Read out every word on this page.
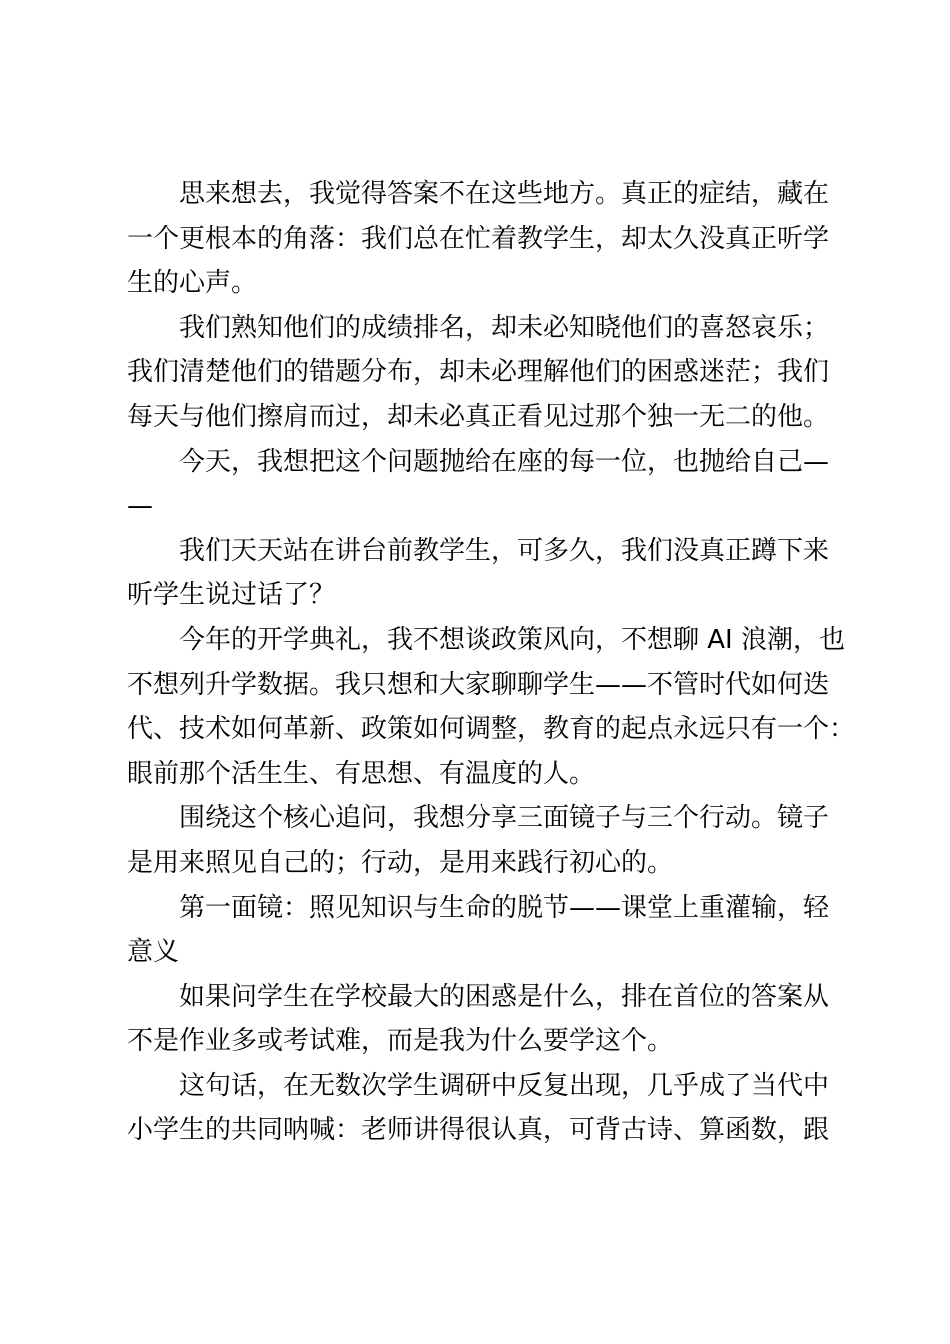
思来想去，我觉得答案不在这些地方。真正的症结，藏在
一个更根本的角落：我们总在忙着教学生，却太久没真正听学
生的心声。

我们熟知他们的成绩排名，却未必知晓他们的喜怒哀乐；
我们清楚他们的错题分布，却未必理解他们的困惑迷茫；我们
每天与他们擦肩而过，却未必真正看见过那个独一无二的他。

今天，我想把这个问题抛给在座的每一位，也抛给自己—
—

我们天天站在讲台前教学生，可多久，我们没真正蹲下来
听学生说过话了？

今年的开学典礼，我不想谈政策风向，不想聊 AI 浪潮，也
不想列升学数据。我只想和大家聊聊学生——不管时代如何迭
代、技术如何革新、政策如何调整，教育的起点永远只有一个：
眼前那个活生生、有思想、有温度的人。

围绕这个核心追问，我想分享三面镜子与三个行动。镜子
是用来照见自己的；行动，是用来践行初心的。

第一面镜：照见知识与生命的脱节——课堂上重灌输，轻
意义

如果问学生在学校最大的困惑是什么，排在首位的答案从
不是作业多或考试难，而是我为什么要学这个。

这句话，在无数次学生调研中反复出现，几乎成了当代中
小学生的共同呐喊：老师讲得很认真，可背古诗、算函数，跟
